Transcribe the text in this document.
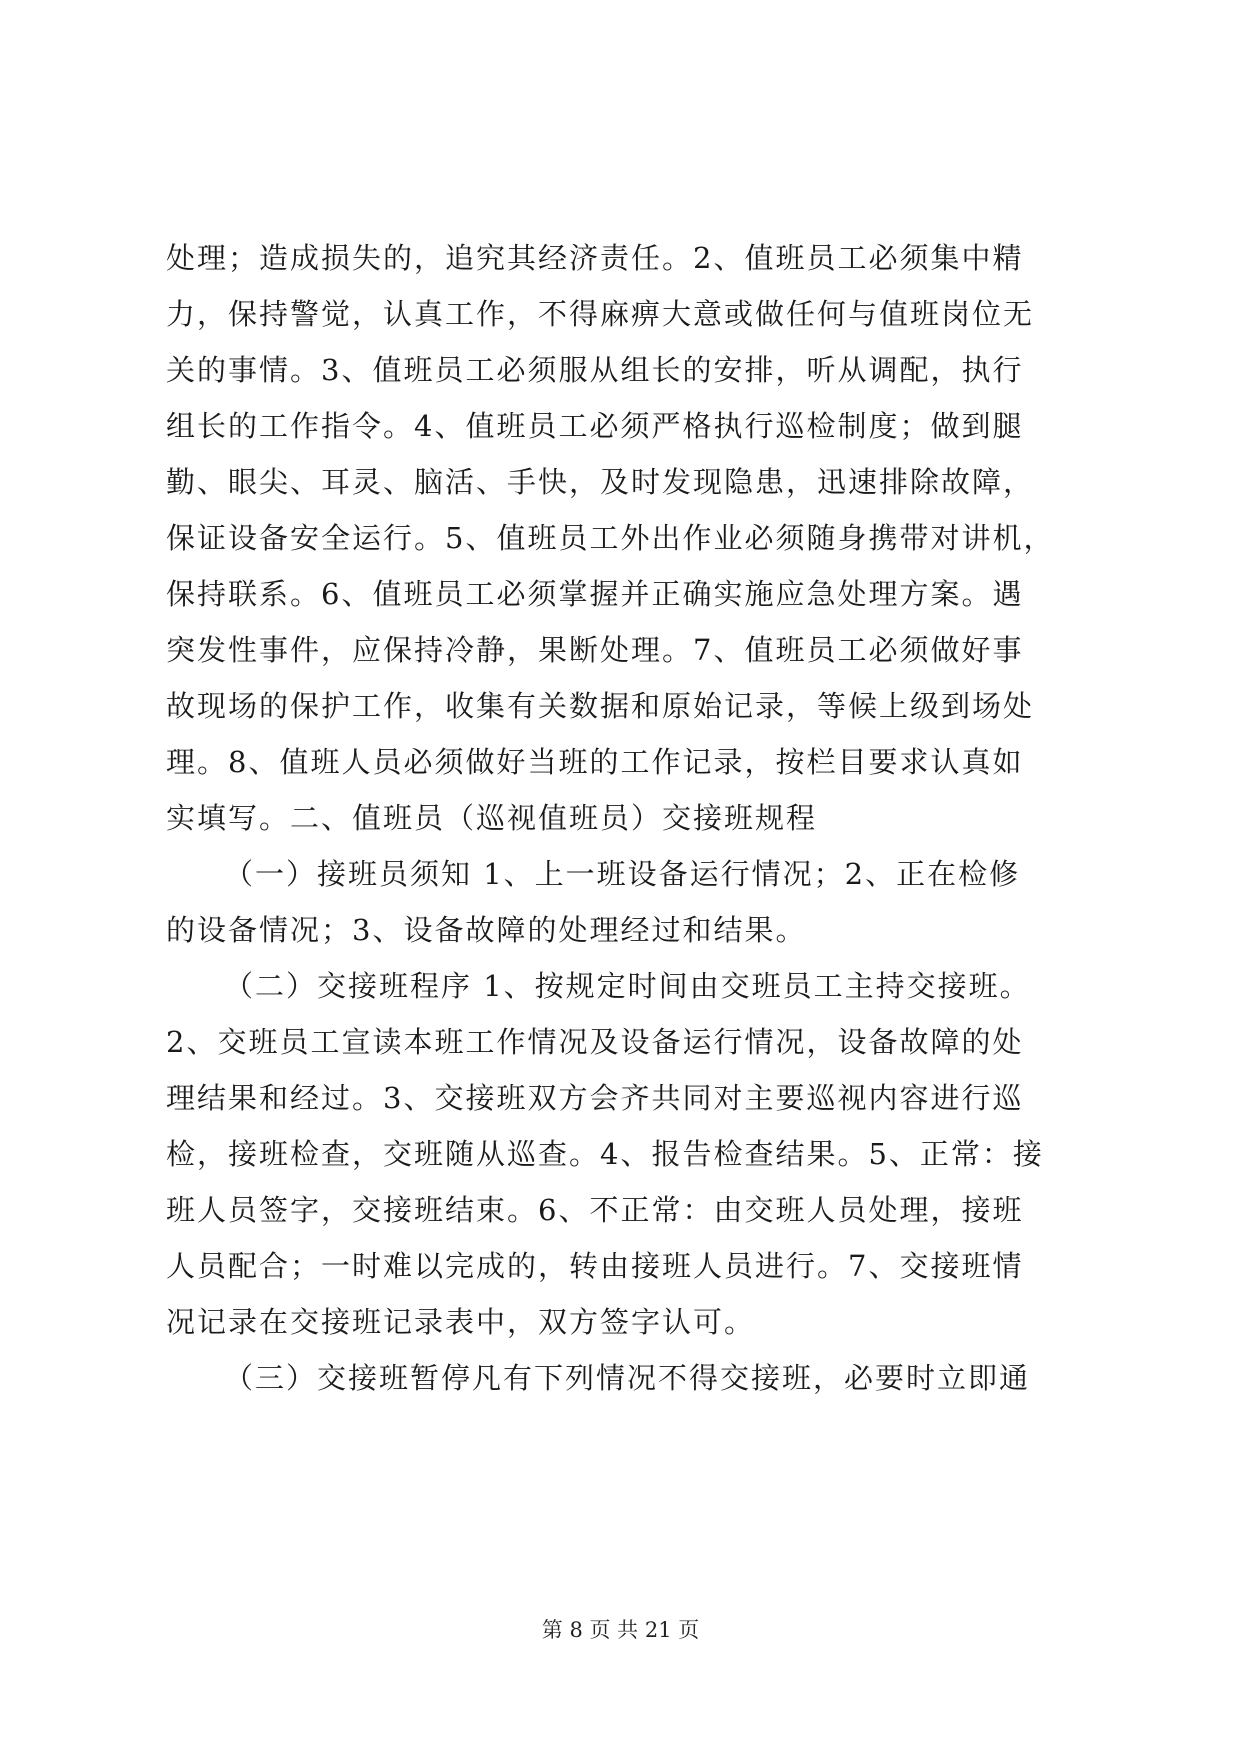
处理；造成损失的，追究其经济责任。2、值班员工必须集中精
力，保持警觉，认真工作，不得麻痹大意或做任何与值班岗位无
关的事情。3、值班员工必须服从组长的安排，听从调配，执行
组长的工作指令。4、值班员工必须严格执行巡检制度；做到腿
勤、眼尖、耳灵、脑活、手快，及时发现隐患，迅速排除故障，
保证设备安全运行。5、值班员工外出作业必须随身携带对讲机，
保持联系。6、值班员工必须掌握并正确实施应急处理方案。遇
突发性事件，应保持冷静，果断处理。7、值班员工必须做好事
故现场的保护工作，收集有关数据和原始记录，等候上级到场处
理。8、值班人员必须做好当班的工作记录，按栏目要求认真如
实填写。二、值班员（巡视值班员）交接班规程
（一）接班员须知 1、上一班设备运行情况；2、正在检修
的设备情况；3、设备故障的处理经过和结果。
（二）交接班程序 1、按规定时间由交班员工主持交接班。
2、交班员工宣读本班工作情况及设备运行情况，设备故障的处
理结果和经过。3、交接班双方会齐共同对主要巡视内容进行巡
检，接班检查，交班随从巡查。4、报告检查结果。5、正常：接
班人员签字，交接班结束。6、不正常：由交班人员处理，接班
人员配合；一时难以完成的，转由接班人员进行。7、交接班情
况记录在交接班记录表中，双方签字认可。
（三）交接班暂停凡有下列情况不得交接班，必要时立即通
第 8 页 共 21 页
